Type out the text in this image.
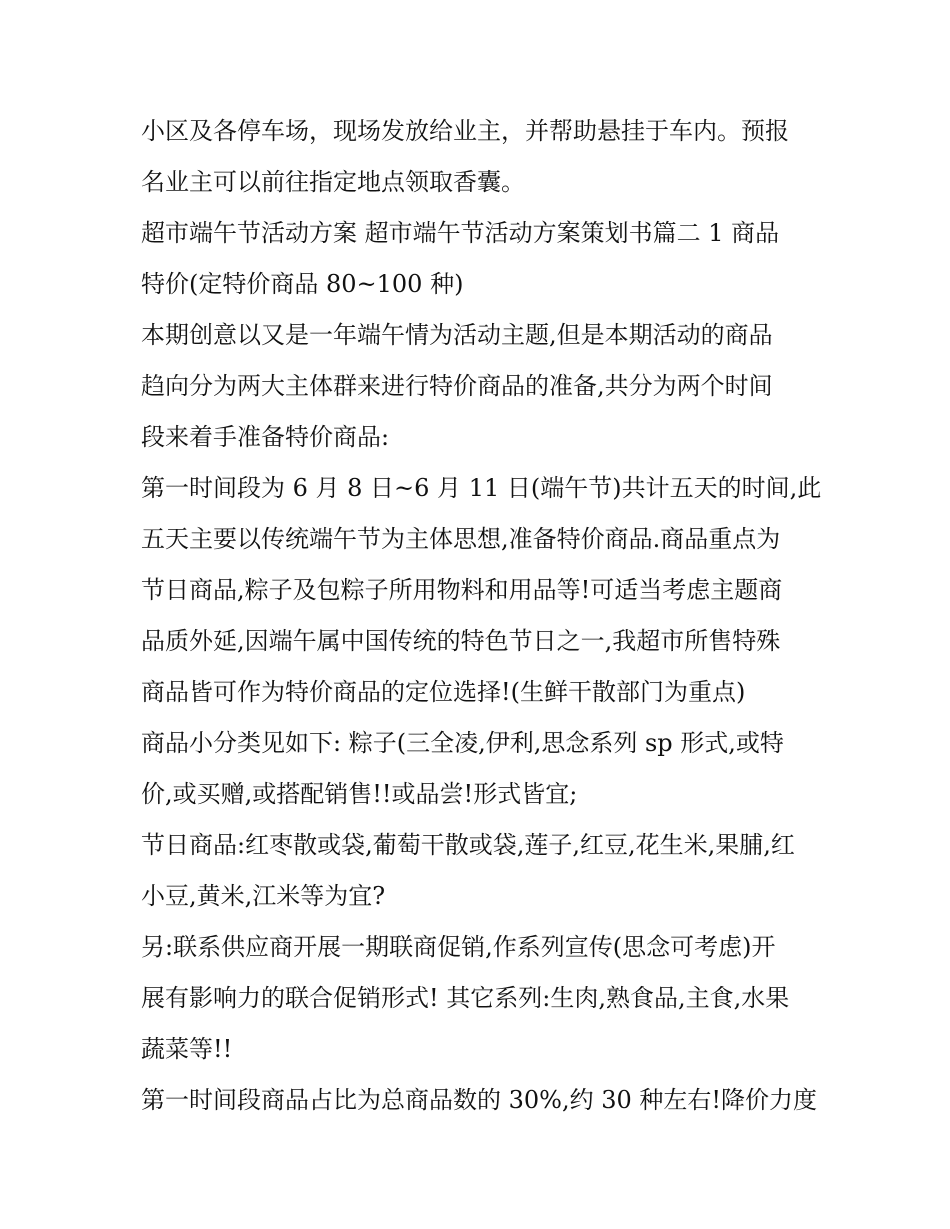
小区及各停车场，现场发放给业主，并帮助悬挂于车内。预报
名业主可以前往指定地点领取香囊。
超市端午节活动方案 超市端午节活动方案策划书篇二 1 商品
特价(定特价商品 80~100 种)
本期创意以又是一年端午情为活动主题,但是本期活动的商品
趋向分为两大主体群来进行特价商品的准备,共分为两个时间
段来着手准备特价商品:
第一时间段为 6 月 8 日~6 月 11 日(端午节)共计五天的时间,此
五天主要以传统端午节为主体思想,准备特价商品.商品重点为
节日商品,粽子及包粽子所用物料和用品等!可适当考虑主题商
品质外延,因端午属中国传统的特色节日之一,我超市所售特殊
商品皆可作为特价商品的定位选择!(生鲜干散部门为重点)
商品小分类见如下: 粽子(三全凌,伊利,思念系列 sp 形式,或特
价,或买赠,或搭配销售!!或品尝!形式皆宜;
节日商品:红枣散或袋,葡萄干散或袋,莲子,红豆,花生米,果脯,红
小豆,黄米,江米等为宜?
另:联系供应商开展一期联商促销,作系列宣传(思念可考虑)开
展有影响力的联合促销形式! 其它系列:生肉,熟食品,主食,水果
蔬菜等!!
第一时间段商品占比为总商品数的 30%,约 30 种左右!降价力度
